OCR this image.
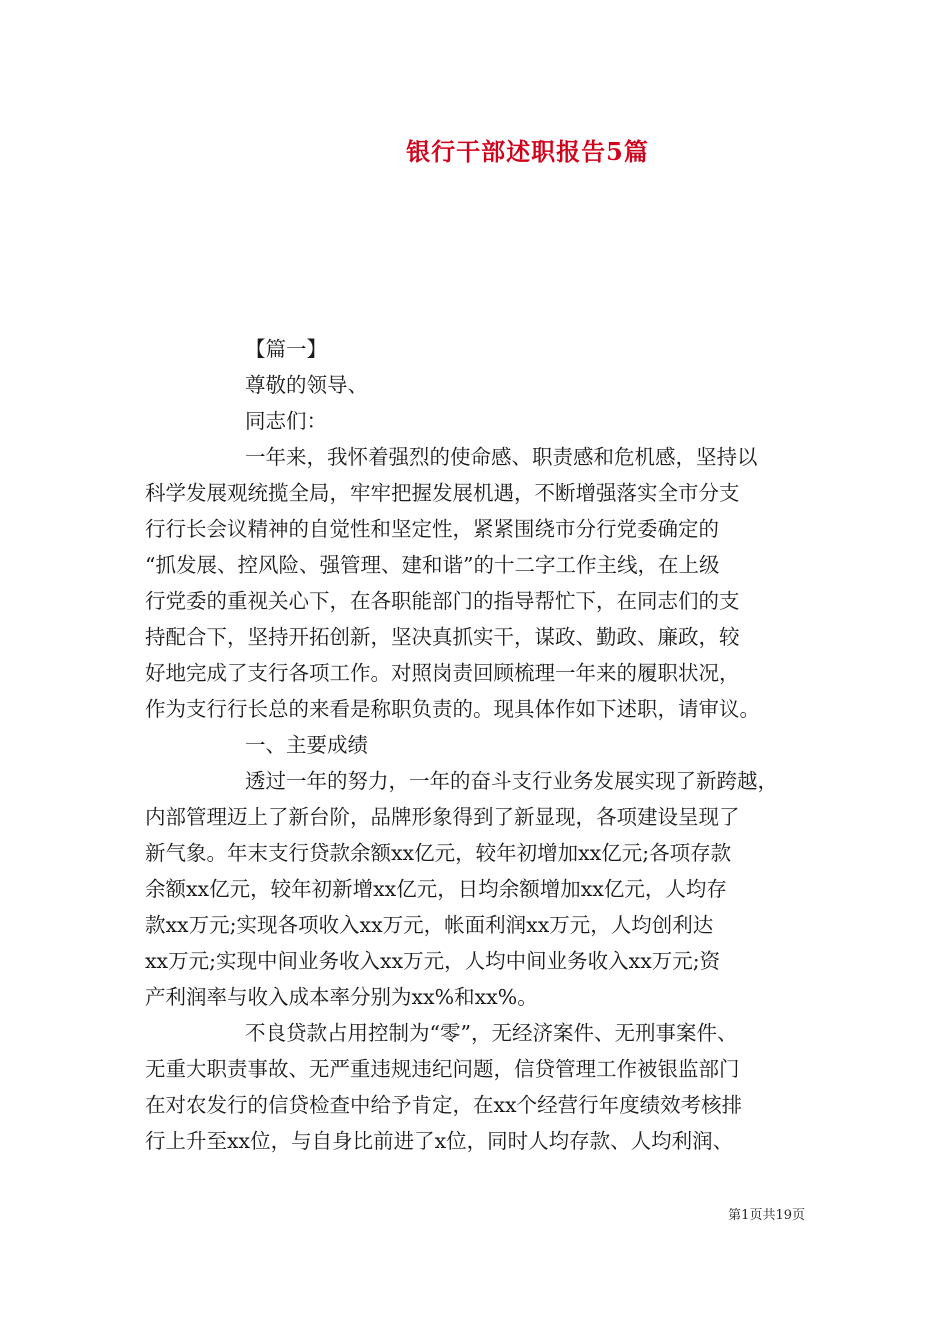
银行干部述职报告5篇
【篇一】
尊敬的领导、
同志们：
一年来，我怀着强烈的使命感、职责感和危机感，坚持以
科学发展观统揽全局，牢牢把握发展机遇，不断增强落实全市分支
行行长会议精神的自觉性和坚定性，紧紧围绕市分行党委确定的
“抓发展、控风险、强管理、建和谐”的十二字工作主线，在上级
行党委的重视关心下，在各职能部门的指导帮忙下，在同志们的支
持配合下，坚持开拓创新，坚决真抓实干，谋政、勤政、廉政，较
好地完成了支行各项工作。对照岗责回顾梳理一年来的履职状况，
作为支行行长总的来看是称职负责的。现具体作如下述职，请审议。
一、主要成绩
透过一年的努力，一年的奋斗支行业务发展实现了新跨越，
内部管理迈上了新台阶，品牌形象得到了新显现，各项建设呈现了
新气象。年末支行贷款余额xx亿元，较年初增加xx亿元;各项存款
余额xx亿元，较年初新增xx亿元，日均余额增加xx亿元，人均存
款xx万元;实现各项收入xx万元，帐面利润xx万元，人均创利达
xx万元;实现中间业务收入xx万元，人均中间业务收入xx万元;资
产利润率与收入成本率分别为xx%和xx%。
不良贷款占用控制为“零”，无经济案件、无刑事案件、
无重大职责事故、无严重违规违纪问题，信贷管理工作被银监部门
在对农发行的信贷检查中给予肯定，在xx个经营行年度绩效考核排
行上升至xx位，与自身比前进了x位，同时人均存款、人均利润、
第1页共19页
